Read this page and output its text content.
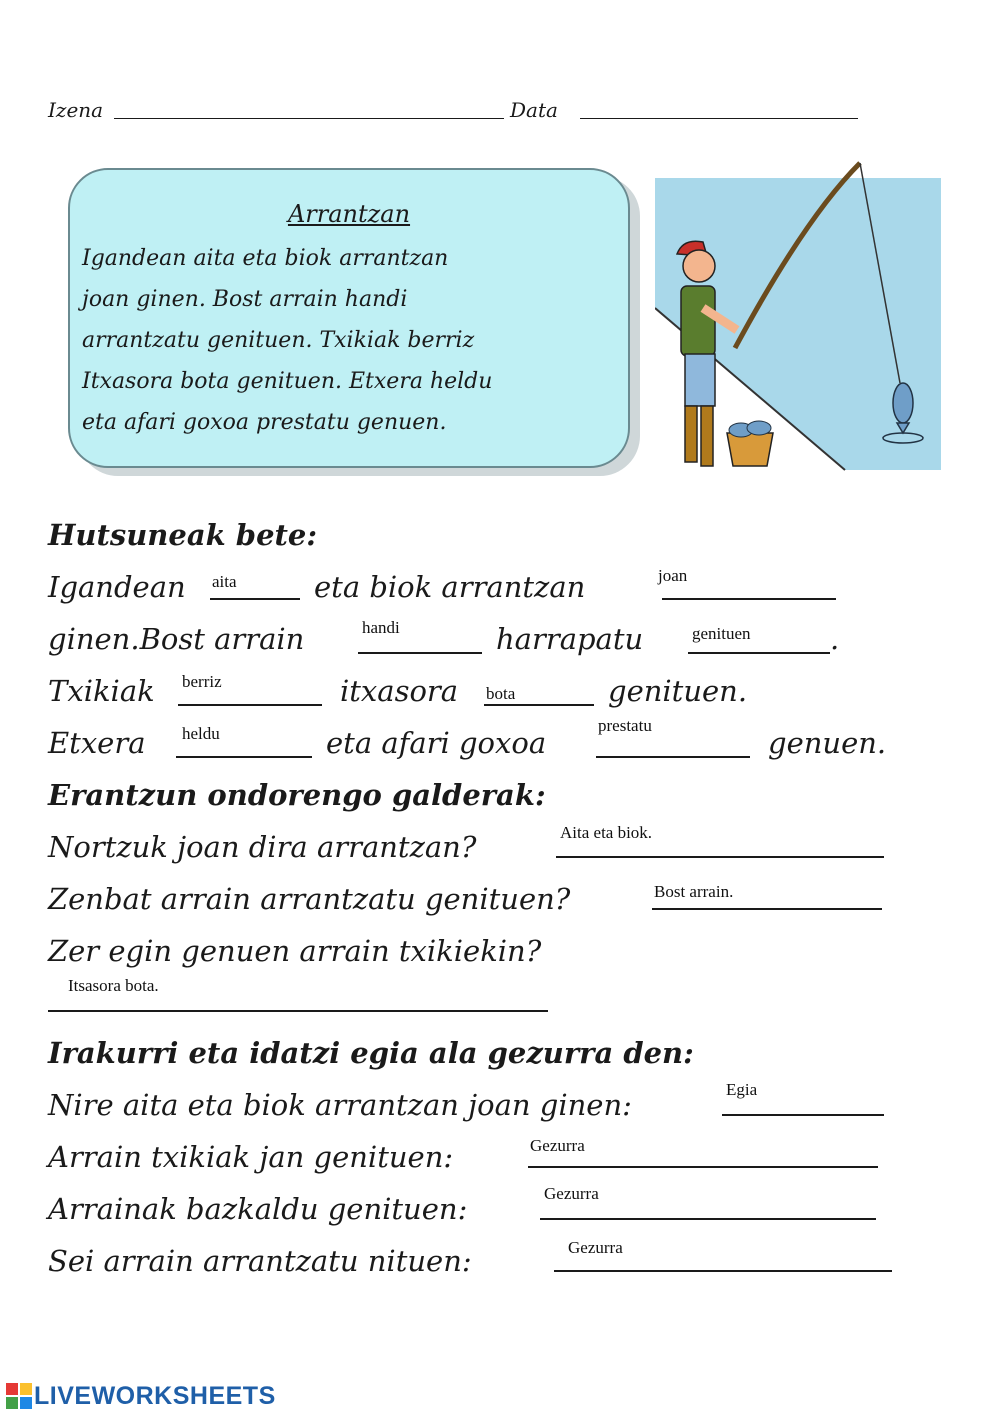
Izena	Data
Arrantzan
Igandean aita eta biok arrantzan
joan ginen. Bost arrain handi
arrantzatu genituen. Txikiak berriz
Itxasora bota genituen. Etxera heldu
eta afari goxoa prestatu genuen.
Hutsuneak bete:
Igandean aita	eta biok arrantzan	joan
ginen.Bost arrain	handi	harrapatu	genituen	.
Txikiak berriz	itxasora bota	genituen.
Etxera heldu	eta afari goxoa
prestatu
genuen.
Erantzun ondorengo galderak:
Nortzuk joan dira arrantzan?	Aita eta biok.
Zenbat arrain arrantzatu genituen?	Bost arrain.
Zer egin genuen arrain txikiekin?
Itsasora bota.
Irakurri eta idatzi egia ala gezurra den:
Nire aita eta biok arrantzan joan ginen:	Egia
Arrain txikiak jan genituen:	Gezurra
Arrainak bazkaldu genituen:	Gezurra
Sei arrain arrantzatu nituen:	Gezurra
LIVEWORKSHEETS
